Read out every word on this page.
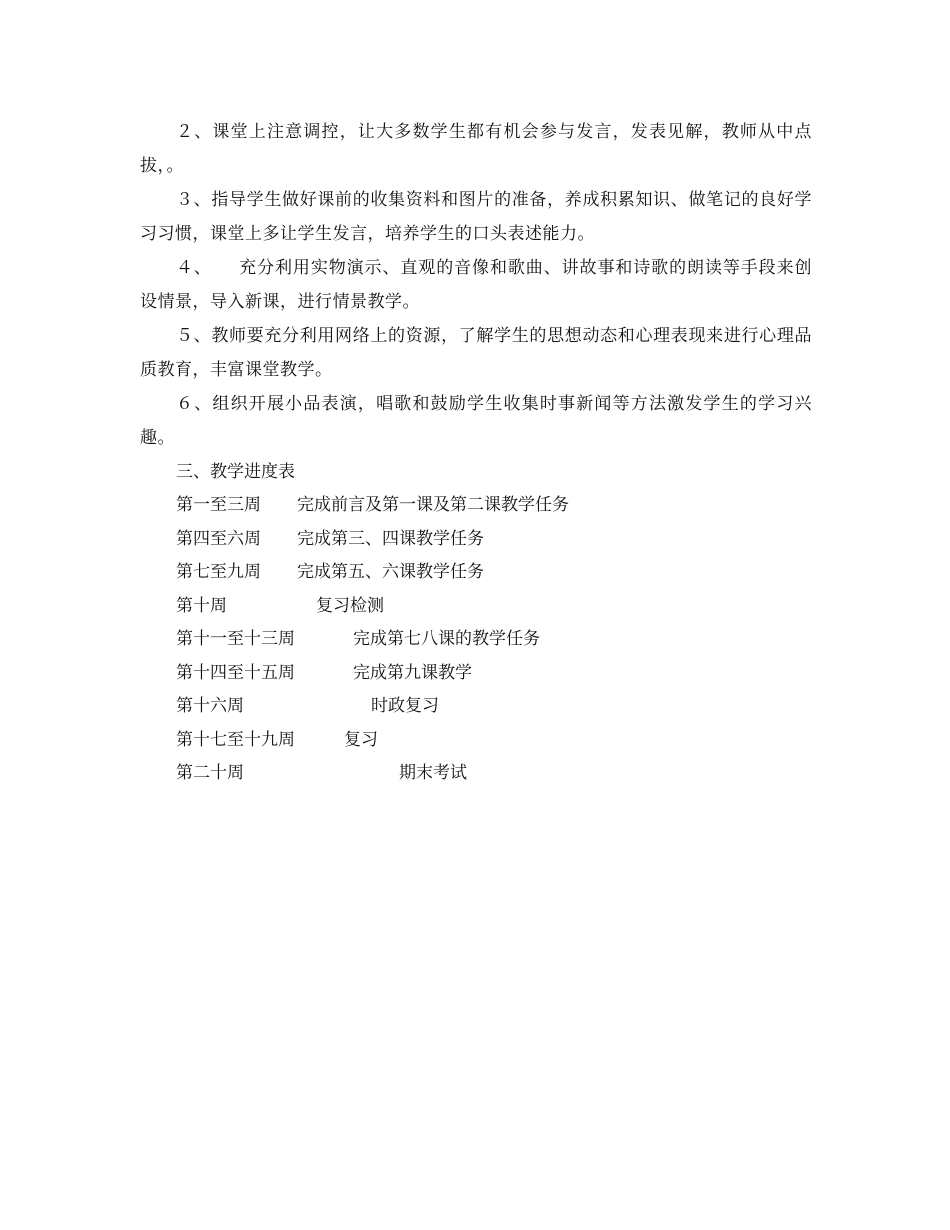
２、课堂上注意调控，让大多数学生都有机会参与发言，发表见解，教师从中点拔，。

３、指导学生做好课前的收集资料和图片的准备，养成积累知识、做笔记的良好学习习惯，课堂上多让学生发言，培养学生的口头表述能力。

４、　　充分利用实物演示、直观的音像和歌曲、讲故事和诗歌的朗读等手段来创设情景，导入新课，进行情景教学。

５、教师要充分利用网络上的资源，了解学生的思想动态和心理表现来进行心理品质教育，丰富课堂教学。

６、组织开展小品表演，唱歌和鼓励学生收集时事新闻等方法激发学生的学习兴趣。

三、教学进度表

第一至三周 完成前言及第一课及第二课教学任务
第四至六周 完成第三、四课教学任务
第七至九周 完成第五、六课教学任务
第十周	复习检测
第十一至十三周	完成第七八课的教学任务
第十四至十五周	完成第九课教学
第十六周	时政复习
第十七至十九周	复习
第二十周	期末考试
